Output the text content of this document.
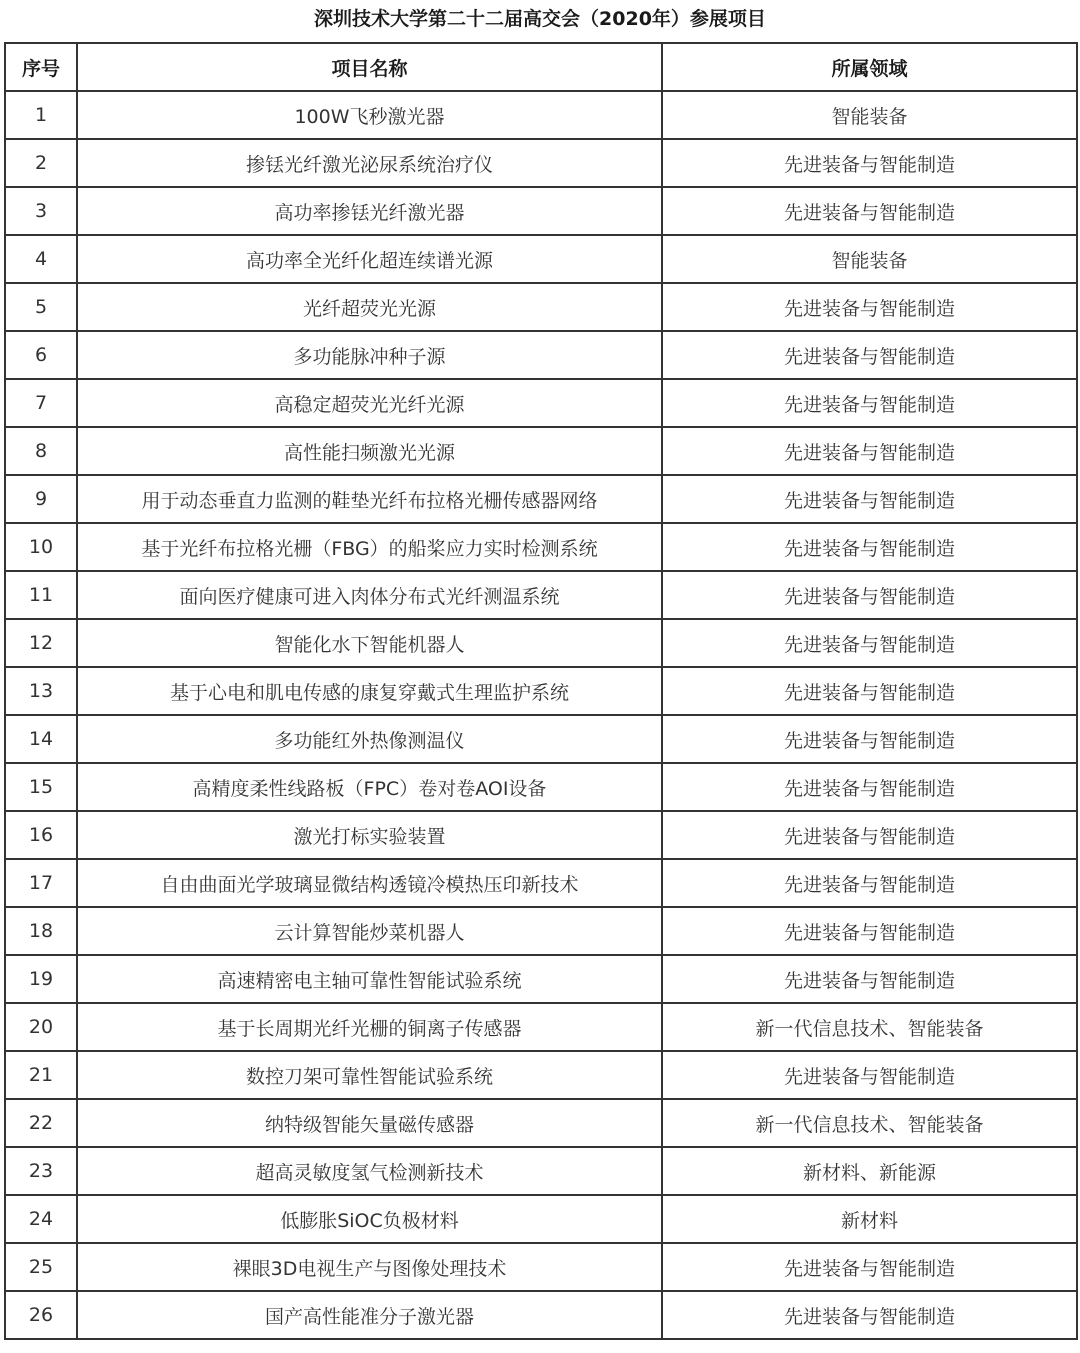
深圳技术大学第二十二届高交会（2020年）参展项目
序号	项目名称	所属领域
1	100W飞秒激光器	智能装备
2	掺铥光纤激光泌尿系统治疗仪	先进装备与智能制造
3	高功率掺铥光纤激光器	先进装备与智能制造
4	高功率全光纤化超连续谱光源	智能装备
5	光纤超荧光光源	先进装备与智能制造
6	多功能脉冲种子源	先进装备与智能制造
7	高稳定超荧光光纤光源	先进装备与智能制造
8	高性能扫频激光光源	先进装备与智能制造
9	用于动态垂直力监测的鞋垫光纤布拉格光栅传感器网络	先进装备与智能制造
10	基于光纤布拉格光栅（FBG）的船桨应力实时检测系统	先进装备与智能制造
11	面向医疗健康可进入肉体分布式光纤测温系统	先进装备与智能制造
12	智能化水下智能机器人	先进装备与智能制造
13	基于心电和肌电传感的康复穿戴式生理监护系统	先进装备与智能制造
14	多功能红外热像测温仪	先进装备与智能制造
15	高精度柔性线路板（FPC）卷对卷AOI设备	先进装备与智能制造
16	激光打标实验装置	先进装备与智能制造
17	自由曲面光学玻璃显微结构透镜冷模热压印新技术	先进装备与智能制造
18	云计算智能炒菜机器人	先进装备与智能制造
19	高速精密电主轴可靠性智能试验系统	先进装备与智能制造
20	基于长周期光纤光栅的铜离子传感器	新一代信息技术、智能装备
21	数控刀架可靠性智能试验系统	先进装备与智能制造
22	纳特级智能矢量磁传感器	新一代信息技术、智能装备
23	超高灵敏度氢气检测新技术	新材料、新能源
24	低膨胀SiOC负极材料	新材料
25	裸眼3D电视生产与图像处理技术	先进装备与智能制造
26	国产高性能准分子激光器	先进装备与智能制造
